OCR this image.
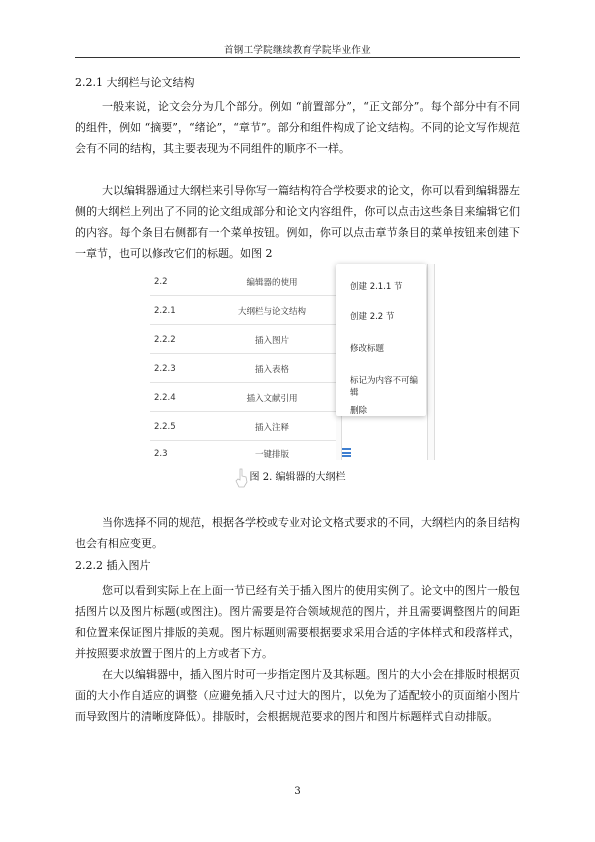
首钢工学院继续教育学院毕业作业
2.2.1 大纲栏与论文结构

一般来说，论文会分为几个部分。例如 “前置部分”，“正文部分”。每个部分中有不同的组件，例如 “摘要”，“绪论”，“章节”。部分和组件构成了论文结构。不同的论文写作规范会有不同的结构，其主要表现为不同组件的顺序不一样。

大以编辑器通过大纲栏来引导你写一篇结构符合学校要求的论文，你可以看到编辑器左侧的大纲栏上列出了不同的论文组成部分和论文内容组件，你可以点击这些条目来编辑它们的内容。每个条目右侧都有一个菜单按钮。例如，你可以点击章节条目的菜单按钮来创建下一章节，也可以修改它们的标题。如图 2

2.2	编辑器的使用
2.2.1	大纲栏与论文结构
2.2.2	插入图片
2.2.3	插入表格
2.2.4	插入文献引用
2.2.5	插入注释
2.3	一键排版
创建 2.1.1 节
创建 2.2 节
修改标题
标记为内容不可编辑
删除
图 2. 编辑器的大纲栏

当你选择不同的规范，根据各学校或专业对论文格式要求的不同，大纲栏内的条目结构也会有相应变更。

2.2.2 插入图片

您可以看到实际上在上面一节已经有关于插入图片的使用实例了。论文中的图片一般包括图片以及图片标题(或图注)。图片需要是符合领域规范的图片，并且需要调整图片的间距和位置来保证图片排版的美观。图片标题则需要根据要求采用合适的字体样式和段落样式，并按照要求放置于图片的上方或者下方。

在大以编辑器中，插入图片时可一步指定图片及其标题。图片的大小会在排版时根据页面的大小作自适应的调整（应避免插入尺寸过大的图片，以免为了适配较小的页面缩小图片而导致图片的清晰度降低）。排版时，会根据规范要求的图片和图片标题样式自动排版。

3
